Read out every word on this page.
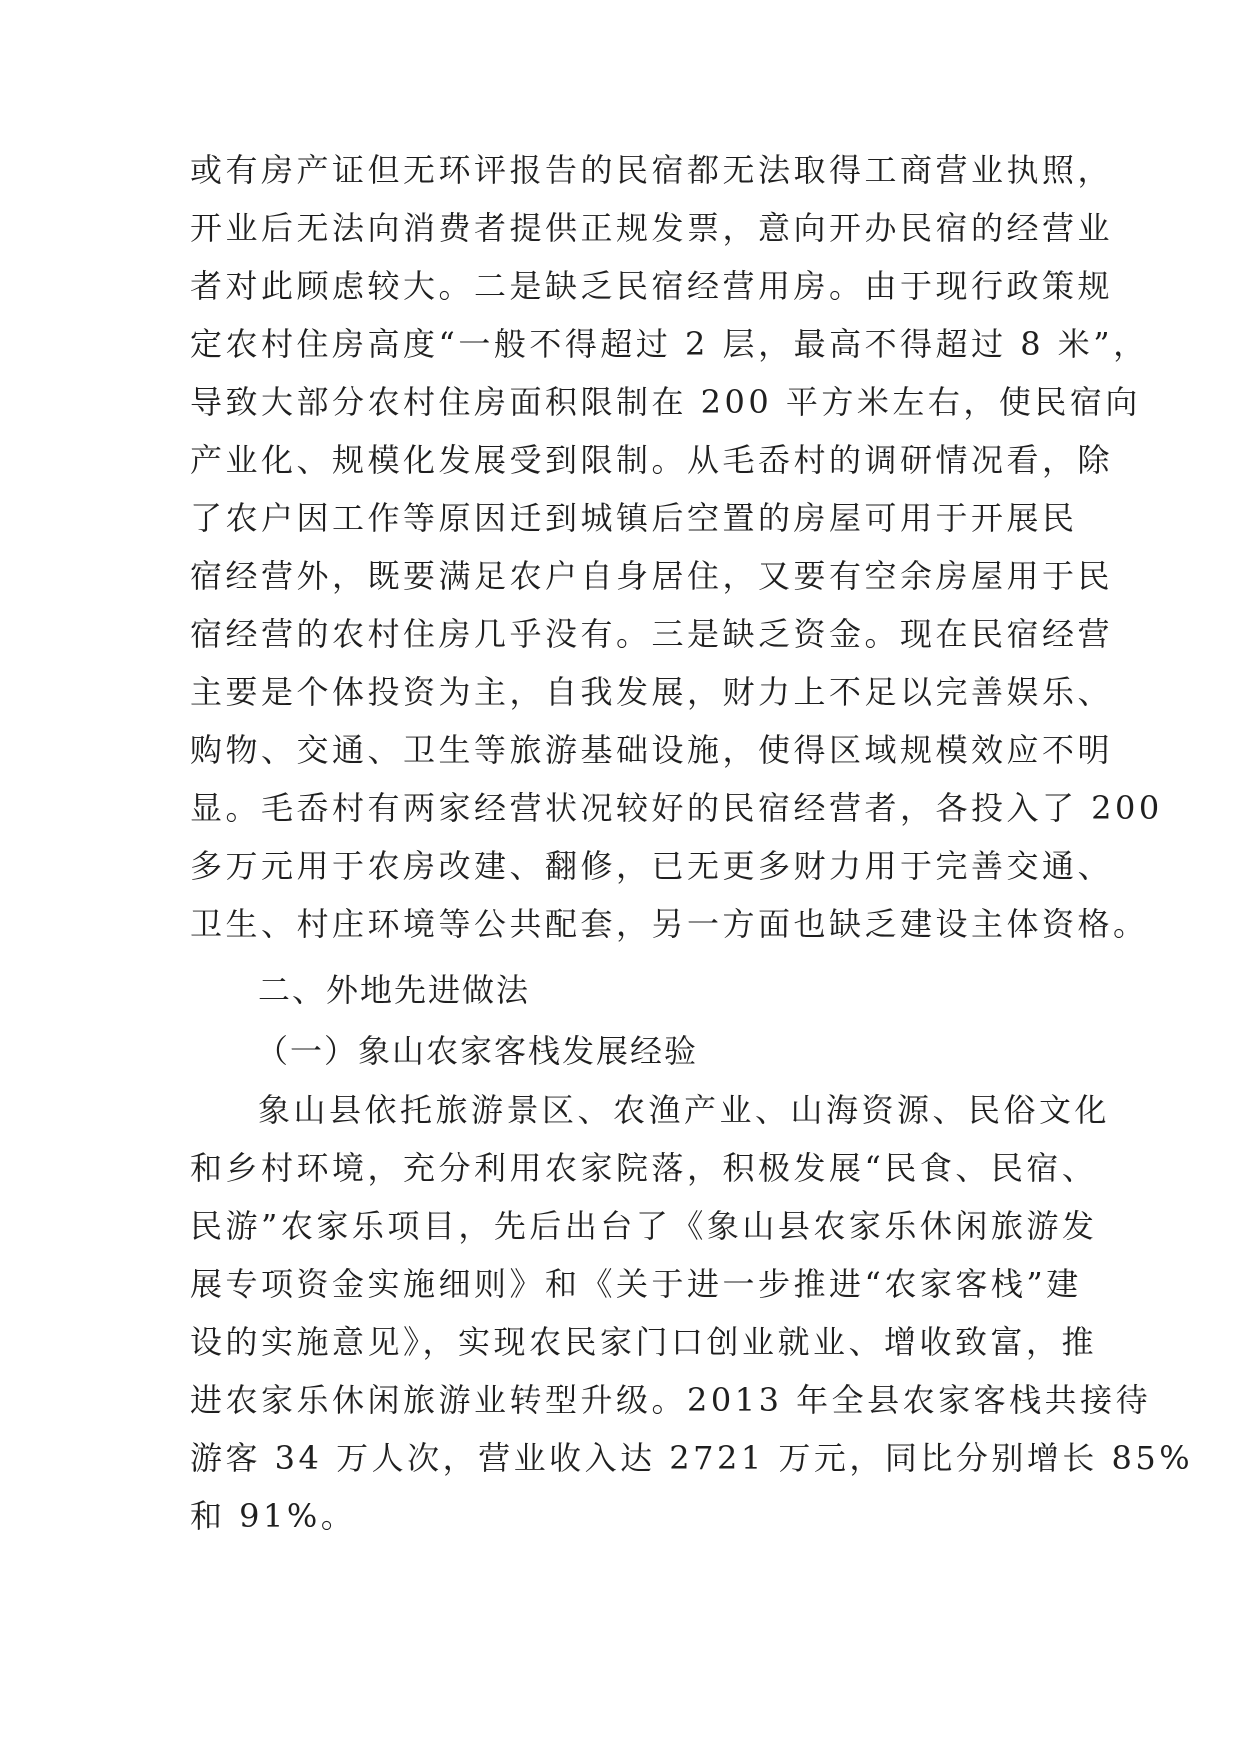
或有房产证但无环评报告的民宿都无法取得工商营业执照，
开业后无法向消费者提供正规发票，意向开办民宿的经营业
者对此顾虑较大。二是缺乏民宿经营用房。由于现行政策规
定农村住房高度“一般不得超过 2 层，最高不得超过 8 米”，
导致大部分农村住房面积限制在 200 平方米左右，使民宿向
产业化、规模化发展受到限制。从毛岙村的调研情况看，除
了农户因工作等原因迁到城镇后空置的房屋可用于开展民
宿经营外，既要满足农户自身居住，又要有空余房屋用于民
宿经营的农村住房几乎没有。三是缺乏资金。现在民宿经营
主要是个体投资为主，自我发展，财力上不足以完善娱乐、
购物、交通、卫生等旅游基础设施，使得区域规模效应不明
显。毛岙村有两家经营状况较好的民宿经营者，各投入了 200
多万元用于农房改建、翻修，已无更多财力用于完善交通、
卫生、村庄环境等公共配套，另一方面也缺乏建设主体资格。
二、外地先进做法
（一）象山农家客栈发展经验
象山县依托旅游景区、农渔产业、山海资源、民俗文化
和乡村环境，充分利用农家院落，积极发展“民食、民宿、
民游”农家乐项目，先后出台了《象山县农家乐休闲旅游发
展专项资金实施细则》和《关于进一步推进“农家客栈”建
设的实施意见》，实现农民家门口创业就业、增收致富，推
进农家乐休闲旅游业转型升级。2013 年全县农家客栈共接待
游客 34 万人次，营业收入达 2721 万元，同比分别增长 85%
和 91%。
